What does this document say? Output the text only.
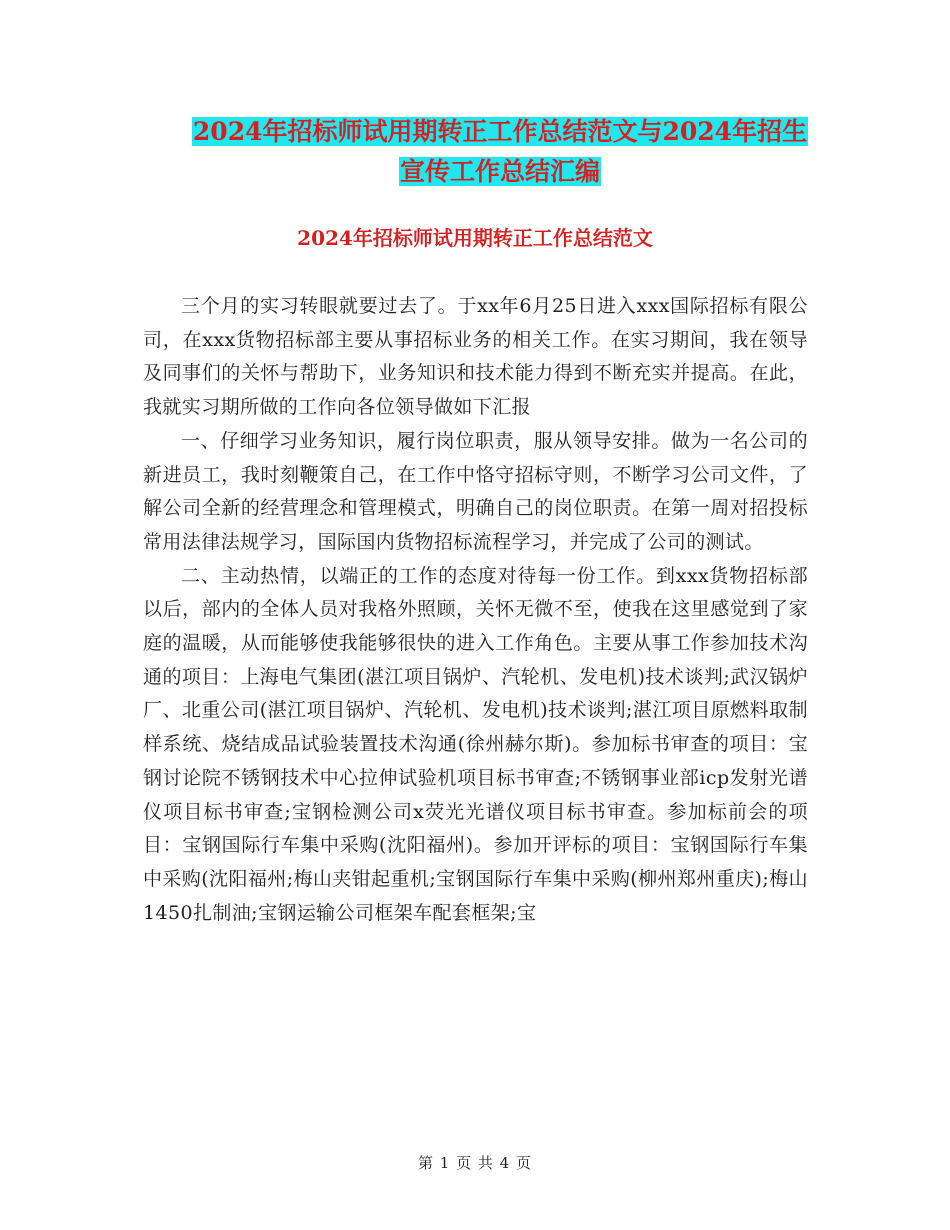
2024年招标师试用期转正工作总结范文与2024年招生
宣传工作总结汇编
2024年招标师试用期转正工作总结范文

三个月的实习转眼就要过去了。于xx年6月25日进入xxx国际招标有限公司，在xxx货物招标部主要从事招标业务的相关工作。在实习期间，我在领导及同事们的关怀与帮助下，业务知识和技术能力得到不断充实并提高。在此，我就实习期所做的工作向各位领导做如下汇报

一、仔细学习业务知识，履行岗位职责，服从领导安排。做为一名公司的新进员工，我时刻鞭策自己，在工作中恪守招标守则，不断学习公司文件，了解公司全新的经营理念和管理模式，明确自己的岗位职责。在第一周对招投标常用法律法规学习，国际国内货物招标流程学习，并完成了公司的测试。

二、主动热情，以端正的工作的态度对待每一份工作。到xxx货物招标部以后，部内的全体人员对我格外照顾，关怀无微不至，使我在这里感觉到了家庭的温暖，从而能够使我能够很快的进入工作角色。主要从事工作参加技术沟通的项目：上海电气集团(湛江项目锅炉、汽轮机、发电机)技术谈判;武汉锅炉厂、北重公司(湛江项目锅炉、汽轮机、发电机)技术谈判;湛江项目原燃料取制样系统、烧结成品试验装置技术沟通(徐州赫尔斯)。参加标书审查的项目：宝钢讨论院不锈钢技术中心拉伸试验机项目标书审查;不锈钢事业部icp发射光谱仪项目标书审查;宝钢检测公司x荧光光谱仪项目标书审查。参加标前会的项目：宝钢国际行车集中采购(沈阳福州)。参加开评标的项目：宝钢国际行车集中采购(沈阳福州;梅山夹钳起重机;宝钢国际行车集中采购(柳州郑州重庆);梅山1450扎制油;宝钢运输公司框架车配套框架;宝

第 1 页 共 4 页
